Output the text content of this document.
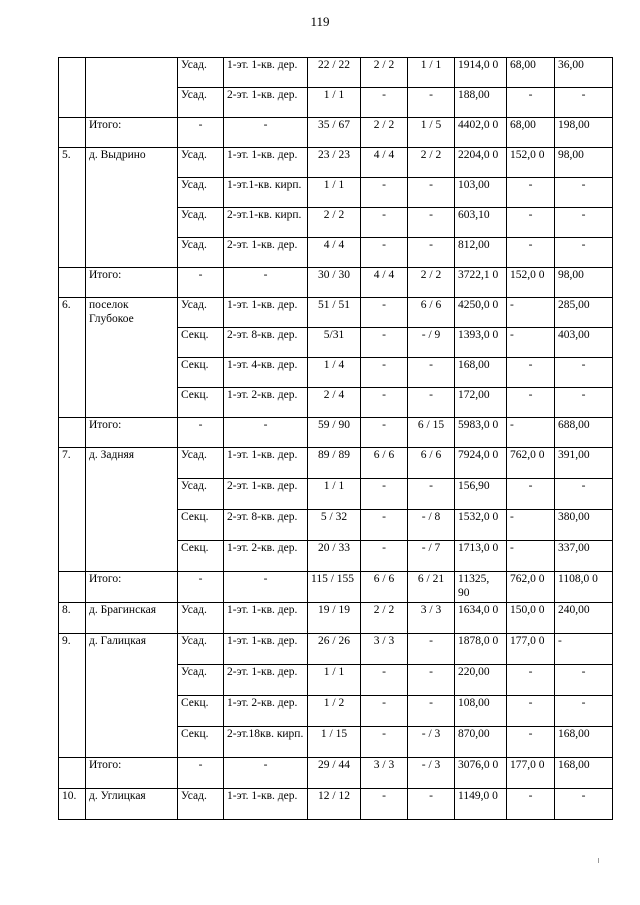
119
		Усад.	1-эт. 1-кв. дер.	22 / 22	2 / 2	1 / 1	1914,0 0	68,00	36,00
		Усад.	2-эт. 1-кв. дер.	1 / 1	-	-	188,00	-	-
	Итого:	-	-	35 / 67	2 / 2	1 / 5	4402,0 0	68,00	198,00
5.	д. Выдрино	Усад.	1-эт. 1-кв. дер.	23 / 23	4 / 4	2 / 2	2204,0 0	152,0 0	98,00
		Усад.	1-эт.1-кв. кирп.	1 / 1	-	-	103,00	-	-
		Усад.	2-эт.1-кв. кирп.	2 / 2	-	-	603,10	-	-
		Усад.	2-эт. 1-кв. дер.	4 / 4	-	-	812,00	-	-
	Итого:	-	-	30 / 30	4 / 4	2 / 2	3722,1 0	152,0 0	98,00
6.	поселок Глубокое	Усад.	1-эт. 1-кв. дер.	51 / 51	-	6 / 6	4250,0 0	-	285,00
		Секц.	2-эт. 8-кв. дер.	5/31	-	- / 9	1393,0 0	-	403,00
		Секц.	1-эт. 4-кв. дер.	1 / 4	-	-	168,00	-	-
		Секц.	1-эт. 2-кв. дер.	2 / 4	-	-	172,00	-	-
	Итого:	-	-	59 / 90	-	6 / 15	5983,0 0	-	688,00
7.	д. Задняя	Усад.	1-эт. 1-кв. дер.	89 / 89	6 / 6	6 / 6	7924,0 0	762,0 0	391,00
		Усад.	2-эт. 1-кв. дер.	1 / 1	-	-	156,90	-	-
		Секц.	2-эт. 8-кв. дер.	5 / 32	-	- / 8	1532,0 0	-	380,00
		Секц.	1-эт. 2-кв. дер.	20 / 33	-	- / 7	1713,0 0	-	337,00
	Итого:	-	-	115 / 155	6 / 6	6 / 21	11325, 90	762,0 0	1108,0 0
8.	д. Брагинская	Усад.	1-эт. 1-кв. дер.	19 / 19	2 / 2	3 / 3	1634,0 0	150,0 0	240,00
9.	д. Галицкая	Усад.	1-эт. 1-кв. дер.	26 / 26	3 / 3	-	1878,0 0	177,0 0	-
		Усад.	2-эт. 1-кв. дер.	1 / 1	-	-	220,00	-	-
		Секц.	1-эт. 2-кв. дер.	1 / 2	-	-	108,00	-	-
		Секц.	2-эт.18кв. кирп.	1 / 15	-	- / 3	870,00	-	168,00
	Итого:	-	-	29 / 44	3 / 3	- / 3	3076,0 0	177,0 0	168,00
10.	д. Углицкая	Усад.	1-эт. 1-кв. дер.	12 / 12	-	-	1149,0 0	-	-
